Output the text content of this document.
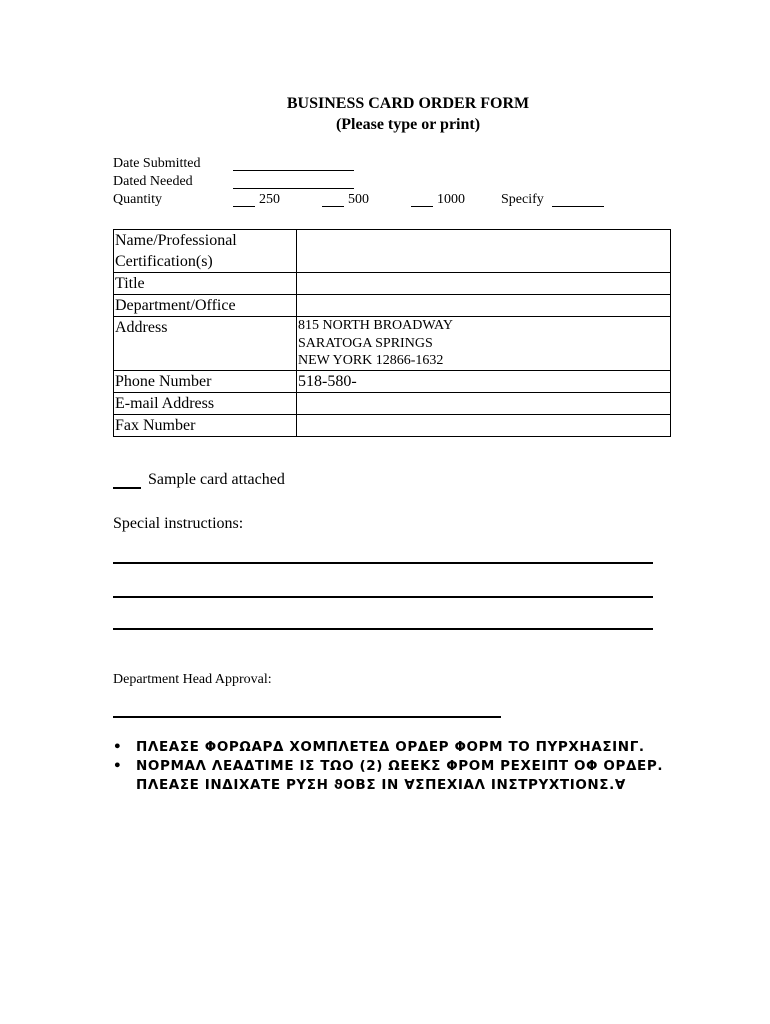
BUSINESS CARD ORDER FORM
(Please type or print)
Date Submitted
Dated Needed
Quantity	250	500	1000	Specify
Name/Professional
Certification(s)	

Title	
Department/Office	
Address	815 NORTH BROADWAY
SARATOGA SPRINGS
NEW YORK 12866-1632

Phone Number	518-580-
E-mail Address	
Fax Number	
Sample card attached
Special instructions:
Department Head Approval:
• ΠΛΕΑΣΕ ΦΟΡΩΑΡΔ ΧΟΜΠΛΕΤΕΔ ΟΡΔΕΡ ΦΟΡΜ ΤΟ ΠΥΡΧΗΑΣΙΝΓ.
• ΝΟΡΜΑΛ ΛΕΑΔΤΙΜΕ ΙΣ ΤΩΟ (2) ΩΕΕΚΣ ΦΡΟΜ ΡΕΧΕΙΠΤ ΟΦ ΟΡΔΕΡ.
ΠΛΕΑΣΕ ΙΝΔΙΧΑΤΕ ΡΥΣΗ ϑΟΒΣ ΙΝ ∀ΣΠΕΧΙΑΛ ΙΝΣΤΡΥΧΤΙΟΝΣ.∀
